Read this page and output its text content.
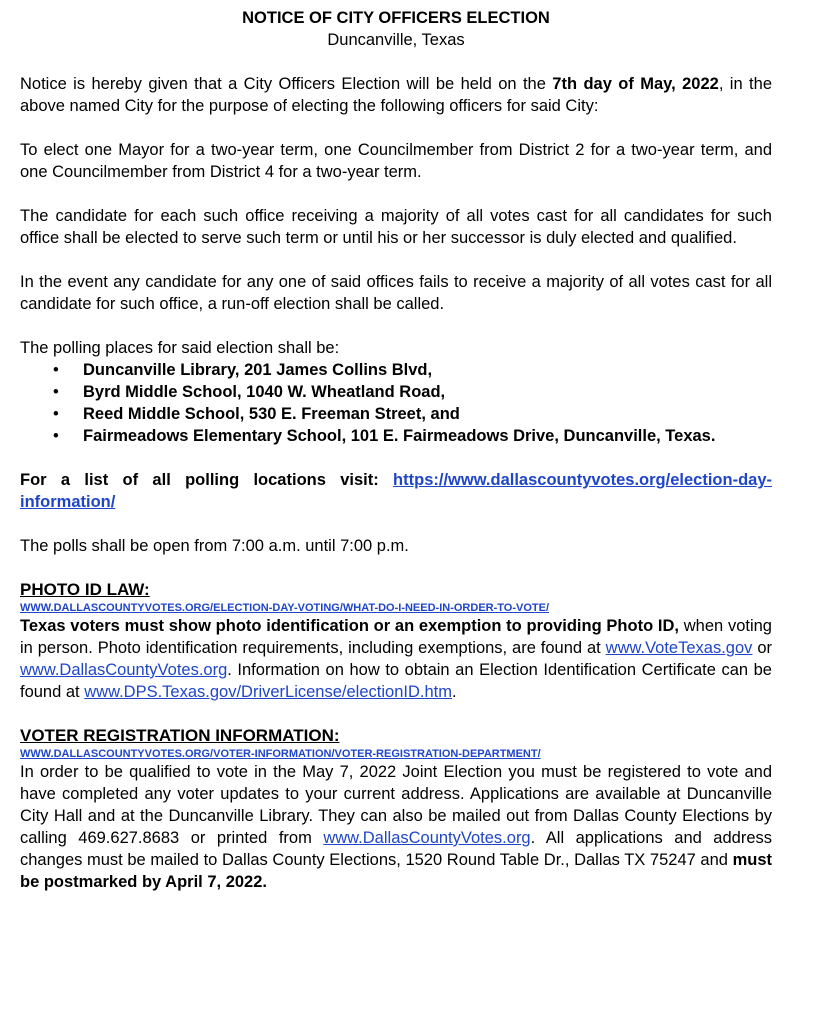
NOTICE OF CITY OFFICERS ELECTION
Duncanville, Texas

Notice is hereby given that a City Officers Election will be held on the 7th day of May, 2022, in the above named City for the purpose of electing the following officers for said City:

To elect one Mayor for a two-year term, one Councilmember from District 2 for a two-year term, and one Councilmember from District 4 for a two-year term.

The candidate for each such office receiving a majority of all votes cast for all candidates for such office shall be elected to serve such term or until his or her successor is duly elected and qualified.

In the event any candidate for any one of said offices fails to receive a majority of all votes cast for all candidate for such office, a run-off election shall be called.

The polling places for said election shall be:
• Duncanville Library, 201 James Collins Blvd,
• Byrd Middle School, 1040 W. Wheatland Road,
• Reed Middle School, 530 E. Freeman Street, and
• Fairmeadows Elementary School, 101 E. Fairmeadows Drive, Duncanville, Texas.

For a list of all polling locations visit: https://www.dallascountyvotes.org/election-day-information/

The polls shall be open from 7:00 a.m. until 7:00 p.m.

PHOTO ID LAW:
WWW.DALLASCOUNTYVOTES.ORG/ELECTION-DAY-VOTING/WHAT-DO-I-NEED-IN-ORDER-TO-VOTE/

Texas voters must show photo identification or an exemption to providing Photo ID, when voting in person. Photo identification requirements, including exemptions, are found at www.VoteTexas.gov or www.DallasCountyVotes.org. Information on how to obtain an Election Identification Certificate can be found at www.DPS.Texas.gov/DriverLicense/electionID.htm.

VOTER REGISTRATION INFORMATION:
WWW.DALLASCOUNTYVOTES.ORG/VOTER-INFORMATION/VOTER-REGISTRATION-DEPARTMENT/

In order to be qualified to vote in the May 7, 2022 Joint Election you must be registered to vote and have completed any voter updates to your current address. Applications are available at Duncanville City Hall and at the Duncanville Library. They can also be mailed out from Dallas County Elections by calling 469.627.8683 or printed from www.DallasCountyVotes.org. All applications and address changes must be mailed to Dallas County Elections, 1520 Round Table Dr., Dallas TX 75247 and must be postmarked by April 7, 2022.
